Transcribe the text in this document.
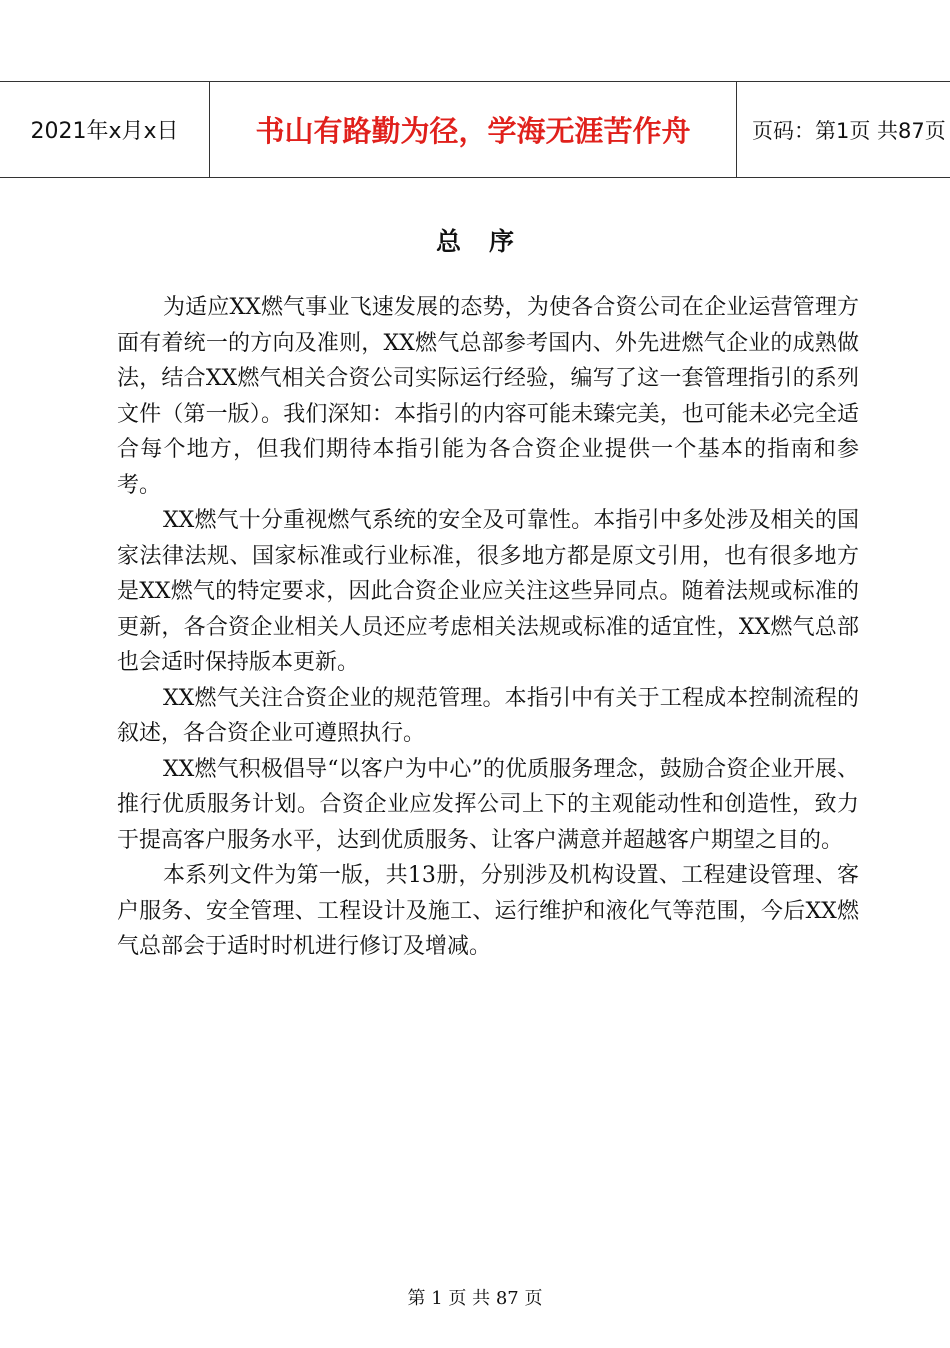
2021年x月x日	书山有路勤为径，学海无涯苦作舟	页码：第1页 共87页
总序

为适应XX燃气事业飞速发展的态势，为使各合资公司在企业运营管理方面有着统一的方向及准则，XX燃气总部参考国内、外先进燃气企业的成熟做法，结合XX燃气相关合资公司实际运行经验，编写了这一套管理指引的系列文件（第一版）。我们深知：本指引的内容可能未臻完美，也可能未必完全适合每个地方，但我们期待本指引能为各合资企业提供一个基本的指南和参考。

XX燃气十分重视燃气系统的安全及可靠性。本指引中多处涉及相关的国家法律法规、国家标准或行业标准，很多地方都是原文引用，也有很多地方是XX燃气的特定要求，因此合资企业应关注这些异同点。随着法规或标准的更新，各合资企业相关人员还应考虑相关法规或标准的适宜性，XX燃气总部也会适时保持版本更新。

XX燃气关注合资企业的规范管理。本指引中有关于工程成本控制流程的叙述，各合资企业可遵照执行。

XX燃气积极倡导“以客户为中心”的优质服务理念，鼓励合资企业开展、推行优质服务计划。合资企业应发挥公司上下的主观能动性和创造性，致力于提高客户服务水平，达到优质服务、让客户满意并超越客户期望之目的。

本系列文件为第一版，共13册，分别涉及机构设置、工程建设管理、客户服务、安全管理、工程设计及施工、运行维护和液化气等范围，今后XX燃气总部会于适时时机进行修订及增减。

第 1 页 共 87 页
